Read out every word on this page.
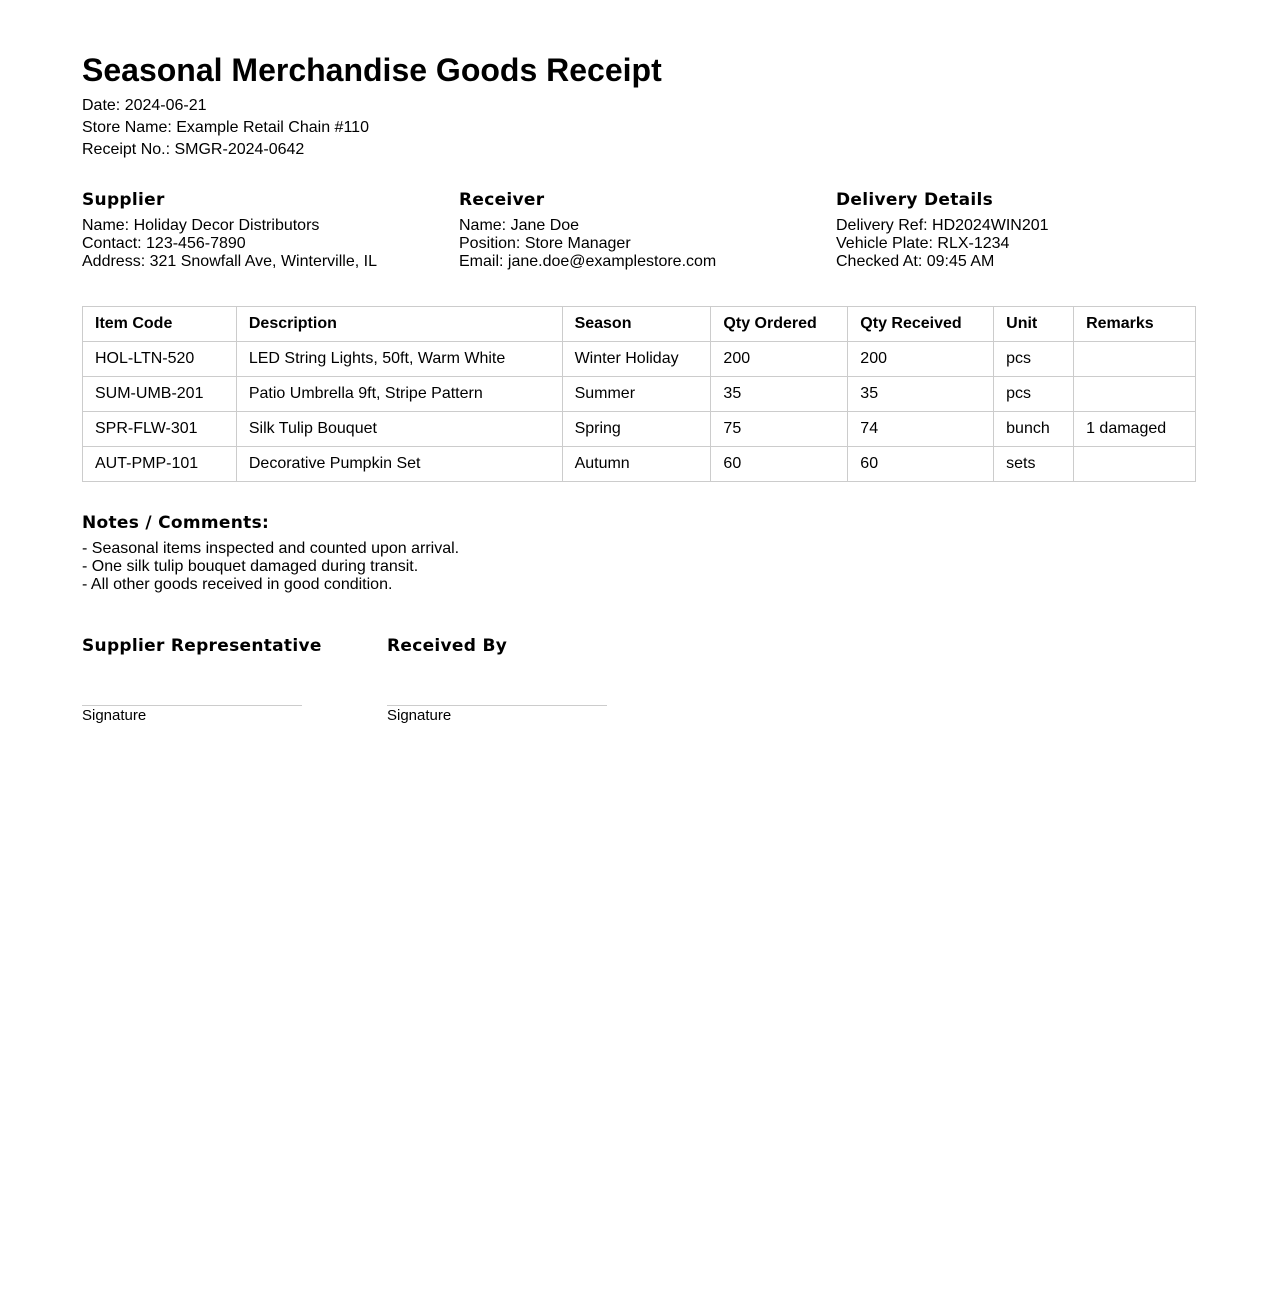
Seasonal Merchandise Goods Receipt
Date: 2024-06-21
Store Name: Example Retail Chain #110
Receipt No.: SMGR-2024-0642
Supplier
Name: Holiday Decor Distributors
Contact: 123-456-7890
Address: 321 Snowfall Ave, Winterville, IL
Receiver
Name: Jane Doe
Position: Store Manager
Email: jane.doe@examplestore.com
Delivery Details
Delivery Ref: HD2024WIN201
Vehicle Plate: RLX-1234
Checked At: 09:45 AM
Item Code	Description	Season	Qty Ordered	Qty Received	Unit	Remarks
HOL-LTN-520	LED String Lights, 50ft, Warm White	Winter Holiday	200	200	pcs	
SUM-UMB-201	Patio Umbrella 9ft, Stripe Pattern	Summer	35	35	pcs	
SPR-FLW-301	Silk Tulip Bouquet	Spring	75	74	bunch	1 damaged
AUT-PMP-101	Decorative Pumpkin Set	Autumn	60	60	sets	
Notes / Comments:
- Seasonal items inspected and counted upon arrival.
- One silk tulip bouquet damaged during transit.
- All other goods received in good condition.
Supplier Representative
Signature
Received By
Signature
